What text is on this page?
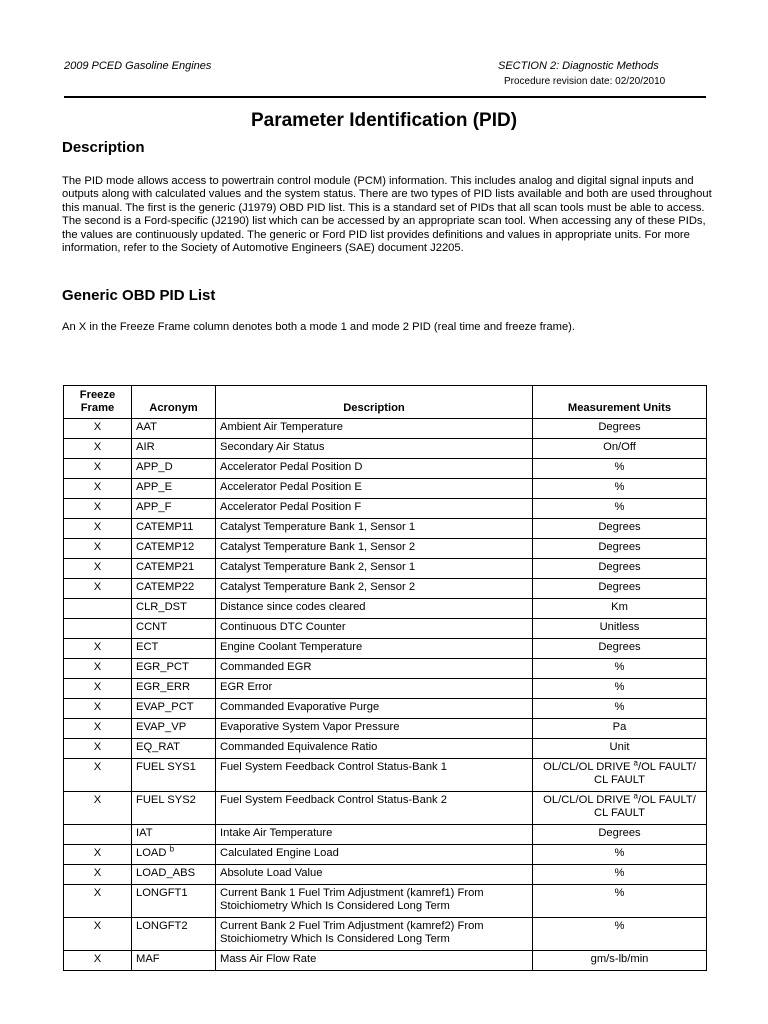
2009 PCED Gasoline Engines	SECTION 2: Diagnostic Methods
Procedure revision date: 02/20/2010
Parameter Identification (PID)
Description
The PID mode allows access to powertrain control module (PCM) information. This includes analog and digital signal inputs and outputs along with calculated values and the system status. There are two types of PID lists available and both are used throughout this manual. The first is the generic (J1979) OBD PID list. This is a standard set of PIDs that all scan tools must be able to access. The second is a Ford-specific (J2190) list which can be accessed by an appropriate scan tool. When accessing any of these PIDs, the values are continuously updated. The generic or Ford PID list provides definitions and values in appropriate units. For more information, refer to the Society of Automotive Engineers (SAE) document J2205.
Generic OBD PID List
An X in the Freeze Frame column denotes both a mode 1 and mode 2 PID (real time and freeze frame).
Freeze Frame	Acronym	Description	Measurement Units
X	AAT	Ambient Air Temperature	Degrees
X	AIR	Secondary Air Status	On/Off
X	APP_D	Accelerator Pedal Position D	%
X	APP_E	Accelerator Pedal Position E	%
X	APP_F	Accelerator Pedal Position F	%
X	CATEMP11	Catalyst Temperature Bank 1, Sensor 1	Degrees
X	CATEMP12	Catalyst Temperature Bank 1, Sensor 2	Degrees
X	CATEMP21	Catalyst Temperature Bank 2, Sensor 1	Degrees
X	CATEMP22	Catalyst Temperature Bank 2, Sensor 2	Degrees
	CLR_DST	Distance since codes cleared	Km
	CCNT	Continuous DTC Counter	Unitless
X	ECT	Engine Coolant Temperature	Degrees
X	EGR_PCT	Commanded EGR	%
X	EGR_ERR	EGR Error	%
X	EVAP_PCT	Commanded Evaporative Purge	%
X	EVAP_VP	Evaporative System Vapor Pressure	Pa
X	EQ_RAT	Commanded Equivalence Ratio	Unit
X	FUEL SYS1	Fuel System Feedback Control Status-Bank 1	OL/CL/OL DRIVE $^a$/OL FAULT/ CL FAULT
X	FUEL SYS2	Fuel System Feedback Control Status-Bank 2	OL/CL/OL DRIVE $^a$/OL FAULT/ CL FAULT
	IAT	Intake Air Temperature	Degrees
X	LOAD $^b$	Calculated Engine Load	%
X	LOAD_ABS	Absolute Load Value	%
X	LONGFT1	Current Bank 1 Fuel Trim Adjustment (kamref1) From Stoichiometry Which Is Considered Long Term	%
X	LONGFT2	Current Bank 2 Fuel Trim Adjustment (kamref2) From Stoichiometry Which Is Considered Long Term	%
X	MAF	Mass Air Flow Rate	gm/s-lb/min
